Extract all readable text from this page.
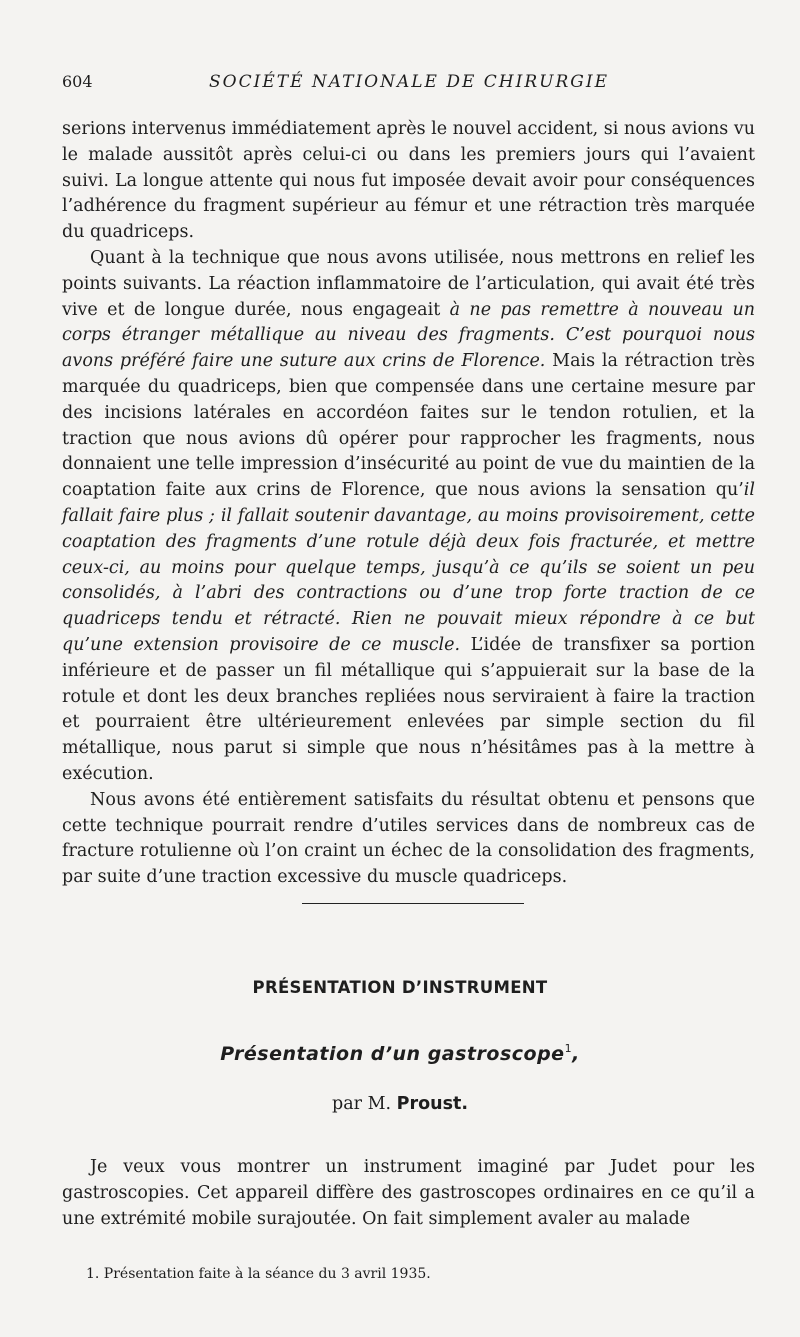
604	SOCIÉTÉ NATIONALE DE CHIRURGIE

serions intervenus immédiatement après le nouvel accident, si nous avions vu le malade aussitôt après celui-ci ou dans les premiers jours qui l’avaient suivi. La longue attente qui nous fut imposée devait avoir pour conséquences l’adhérence du fragment supérieur au fémur et une rétraction très marquée du quadriceps.

Quant à la technique que nous avons utilisée, nous mettrons en relief les points suivants. La réaction inflammatoire de l’articulation, qui avait été très vive et de longue durée, nous engageait à ne pas remettre à nouveau un corps étranger métallique au niveau des fragments. C’est pourquoi nous avons préféré faire une suture aux crins de Florence. Mais la rétraction très marquée du quadriceps, bien que compensée dans une certaine mesure par des incisions latérales en accordéon faites sur le tendon rotulien, et la traction que nous avions dû opérer pour rapprocher les fragments, nous donnaient une telle impression d’insécurité au point de vue du maintien de la coaptation faite aux crins de Florence, que nous avions la sensation qu’il fallait faire plus ; il fallait soutenir davantage, au moins provisoirement, cette coaptation des fragments d’une rotule déjà deux fois fracturée, et mettre ceux-ci, au moins pour quelque temps, jusqu’à ce qu’ils se soient un peu consolidés, à l’abri des contractions ou d’une trop forte traction de ce quadriceps tendu et rétracté. Rien ne pouvait mieux répondre à ce but qu’une extension provisoire de ce muscle. L’idée de transfixer sa portion inférieure et de passer un fil métallique qui s’appuierait sur la base de la rotule et dont les deux branches repliées nous serviraient à faire la traction et pourraient être ultérieurement enlevées par simple section du fil métallique, nous parut si simple que nous n’hésitâmes pas à la mettre à exécution.

Nous avons été entièrement satisfaits du résultat obtenu et pensons que cette technique pourrait rendre d’utiles services dans de nombreux cas de fracture rotulienne où l’on craint un échec de la consolidation des fragments, par suite d’une traction excessive du muscle quadriceps.

PRÉSENTATION D’INSTRUMENT
Présentation d’un gastroscope$^1$,
par M. Proust.

Je veux vous montrer un instrument imaginé par Judet pour les gastroscopies. Cet appareil diffère des gastroscopes ordinaires en ce qu’il a une extrémité mobile surajoutée. On fait simplement avaler au malade

1. Présentation faite à la séance du 3 avril 1935.
